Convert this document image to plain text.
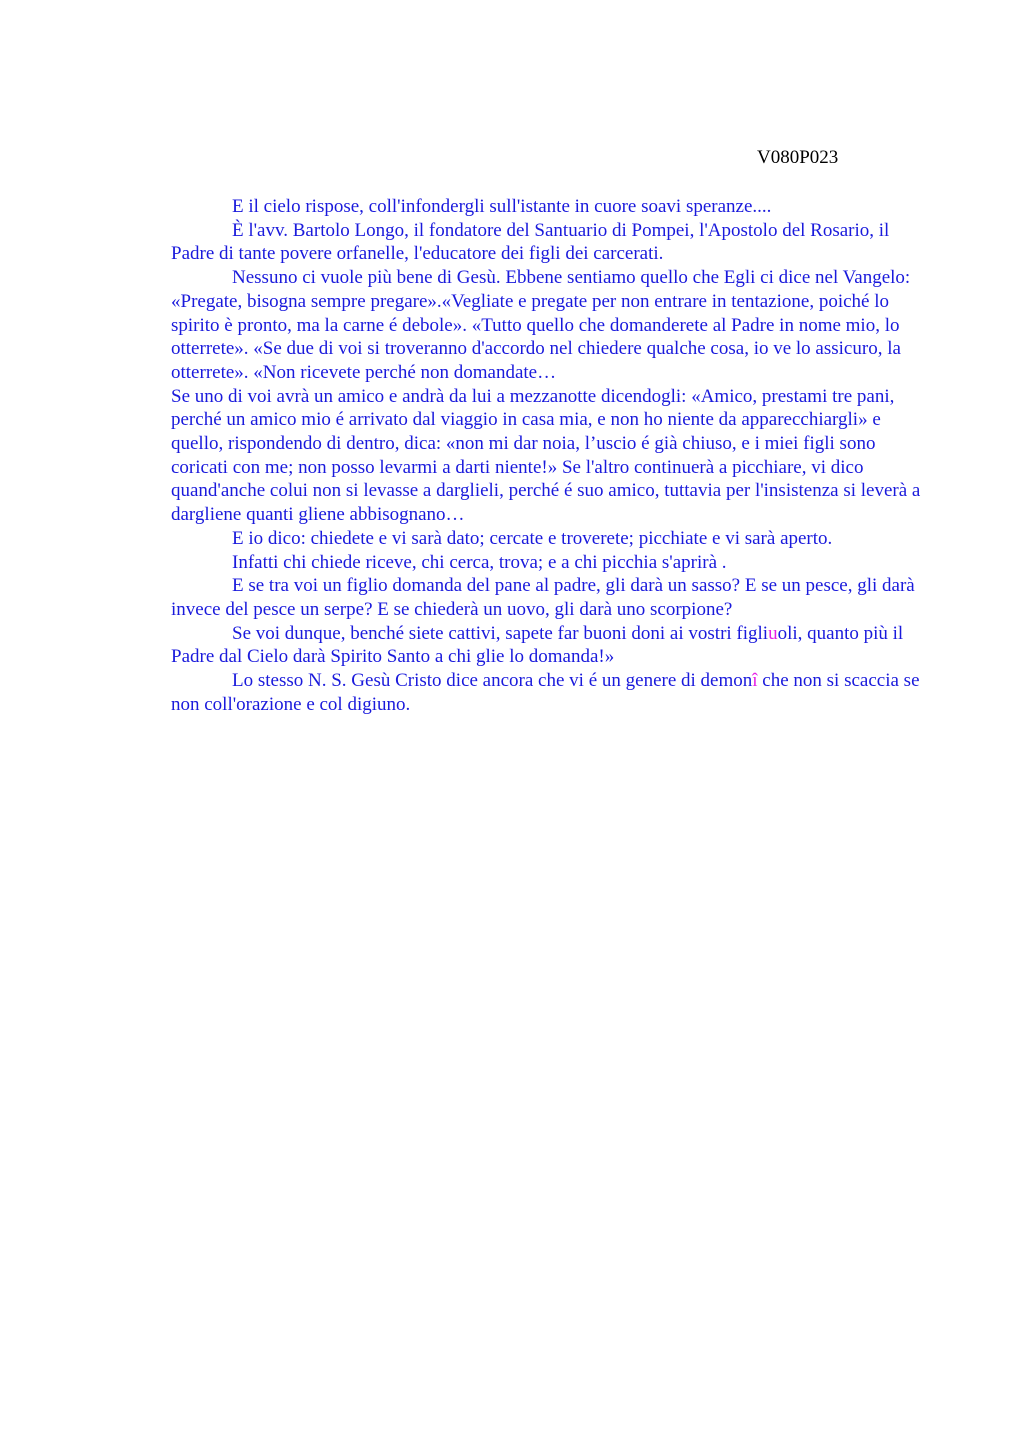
V080P023

E il cielo rispose, coll'infondergli sull'istante in cuore soavi speranze....

È l'avv. Bartolo Longo, il fondatore del Santuario di Pompei, l'Apostolo del Rosario, il Padre di tante povere orfanelle, l'educatore dei figli dei carcerati.

Nessuno ci vuole più bene di Gesù. Ebbene sentiamo quello che Egli ci dice nel Vangelo: «Pregate, bisogna sempre pregare».«Vegliate e pregate per non entrare in tentazione, poiché lo spirito è pronto, ma la carne é debole». «Tutto quello che domanderete al Padre in nome mio, lo otterrete». «Se due di voi si troveranno d'accordo nel chiedere qualche cosa, io ve lo assicuro, la otterrete». «Non ricevete perché non domandate…

Se uno di voi avrà un amico e andrà da lui a mezzanotte dicendogli: «Amico, prestami tre pani, perché un amico mio é arrivato dal viaggio in casa mia, e non ho niente da apparecchiargli» e quello, rispondendo di dentro, dica: «non mi dar noia, l’uscio é già chiuso, e i miei figli sono coricati con me; non posso levarmi a darti niente!» Se l'altro continuerà a picchiare, vi dico quand'anche colui non si levasse a darglieli, perché é suo amico, tuttavia per l'insistenza si leverà a dargliene quanti gliene abbisognano…

E io dico: chiedete e vi sarà dato; cercate e troverete; picchiate e vi sarà aperto.

Infatti chi chiede riceve, chi cerca, trova; e a chi picchia s'aprirà .

E se tra voi un figlio domanda del pane al padre, gli darà un sasso? E se un pesce, gli darà invece del pesce un serpe? E se chiederà un uovo, gli darà uno scorpione?

Se voi dunque, benché siete cattivi, sapete far buoni doni ai vostri figliuoli, quanto più il Padre dal Cielo darà Spirito Santo a chi glie lo domanda!»

Lo stesso N. S. Gesù Cristo dice ancora che vi é un genere di demonî che non si scaccia se non coll'orazione e col digiuno.
